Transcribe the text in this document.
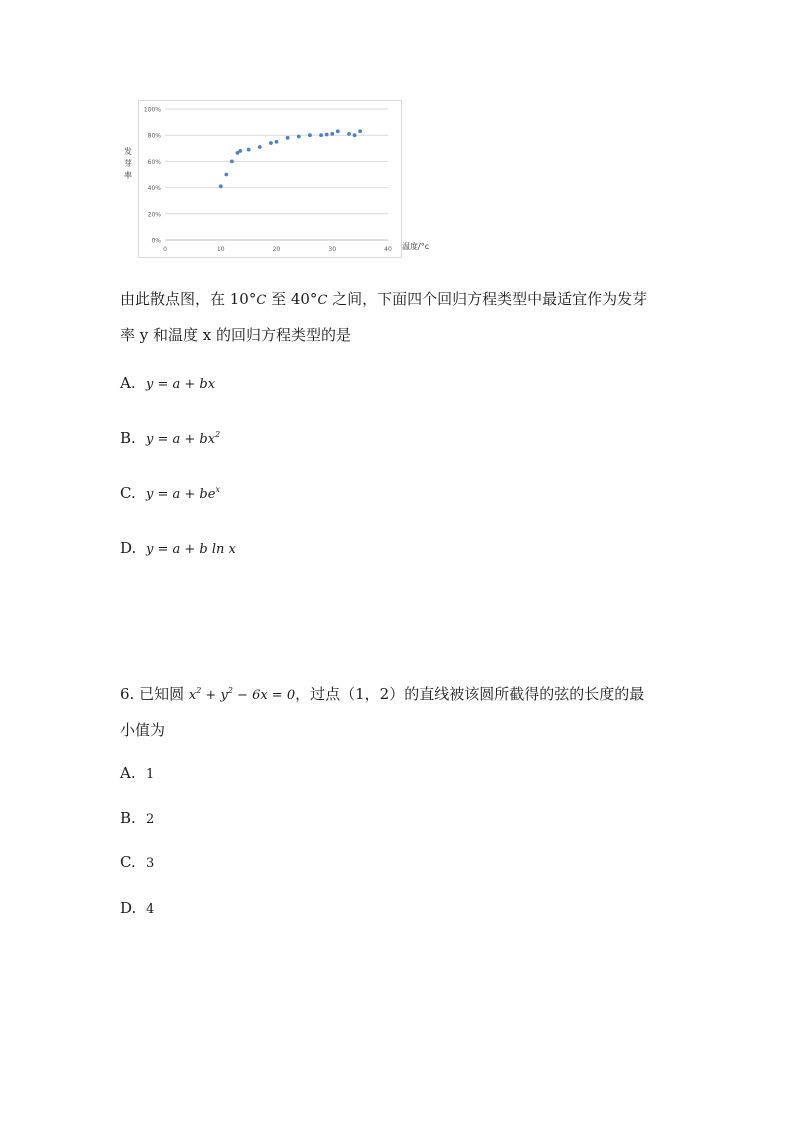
0%
20%
40%
60%
80%
100%
0	10	20	30	40
发芽率
温度/°c
由此散点图，在 10°C 至 40°C 之间，下面四个回归方程类型中最适宜作为发芽
率 y 和温度 x 的回归方程类型的是
A. y = a + bx
B. $y = a + bx^2$
C. $y = a + be^x$
D. y = a + b ln x
6. 已知圆 $x^2 + y^2 - 6x = 0$，过点（1，2）的直线被该圆所截得的弦的长度的最
小值为
A. 1
B. 2
C. 3
D. 4
